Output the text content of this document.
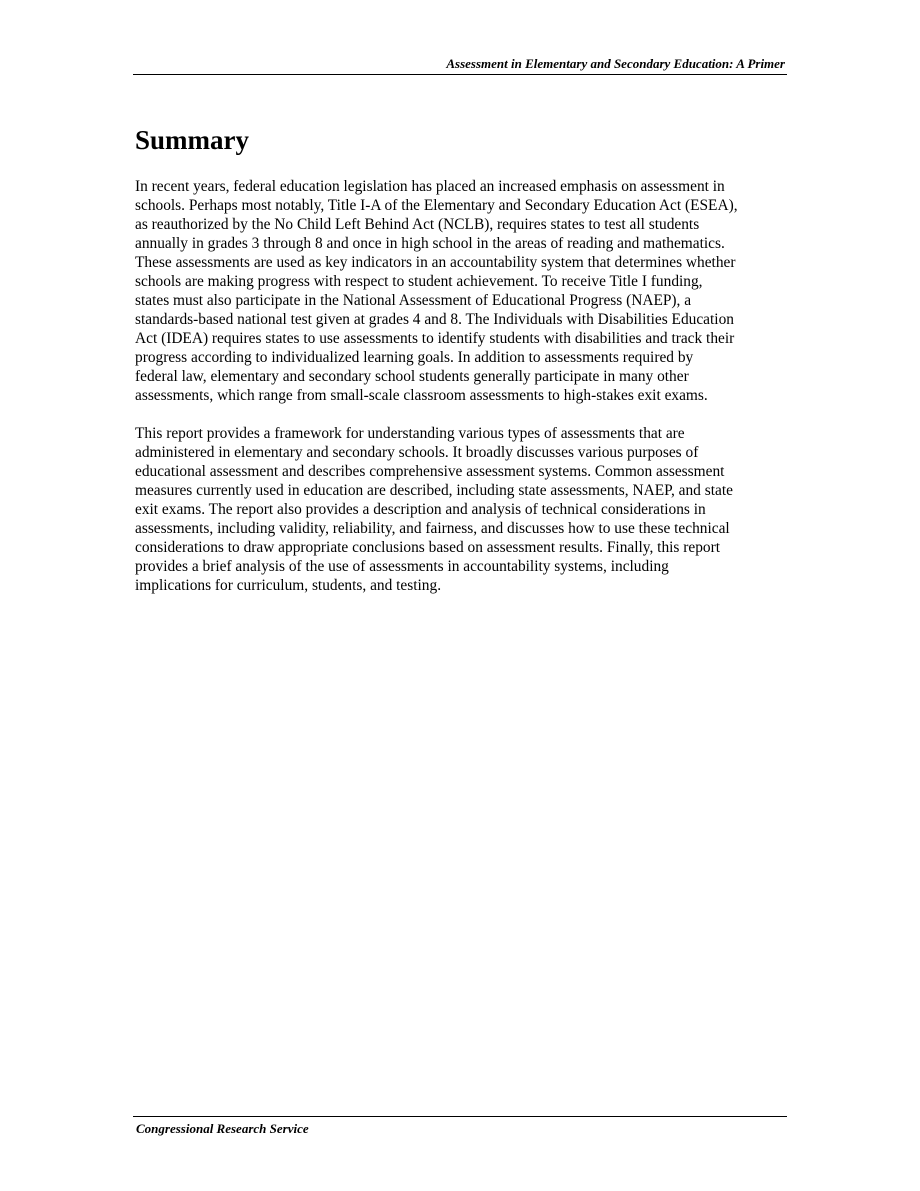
Assessment in Elementary and Secondary Education: A Primer
Summary

In recent years, federal education legislation has placed an increased emphasis on assessment in
schools. Perhaps most notably, Title I-A of the Elementary and Secondary Education Act (ESEA),
as reauthorized by the No Child Left Behind Act (NCLB), requires states to test all students
annually in grades 3 through 8 and once in high school in the areas of reading and mathematics.
These assessments are used as key indicators in an accountability system that determines whether
schools are making progress with respect to student achievement. To receive Title I funding,
states must also participate in the National Assessment of Educational Progress (NAEP), a
standards-based national test given at grades 4 and 8. The Individuals with Disabilities Education
Act (IDEA) requires states to use assessments to identify students with disabilities and track their
progress according to individualized learning goals. In addition to assessments required by
federal law, elementary and secondary school students generally participate in many other
assessments, which range from small-scale classroom assessments to high-stakes exit exams.

This report provides a framework for understanding various types of assessments that are
administered in elementary and secondary schools. It broadly discusses various purposes of
educational assessment and describes comprehensive assessment systems. Common assessment
measures currently used in education are described, including state assessments, NAEP, and state
exit exams. The report also provides a description and analysis of technical considerations in
assessments, including validity, reliability, and fairness, and discusses how to use these technical
considerations to draw appropriate conclusions based on assessment results. Finally, this report
provides a brief analysis of the use of assessments in accountability systems, including
implications for curriculum, students, and testing.

Congressional Research Service
